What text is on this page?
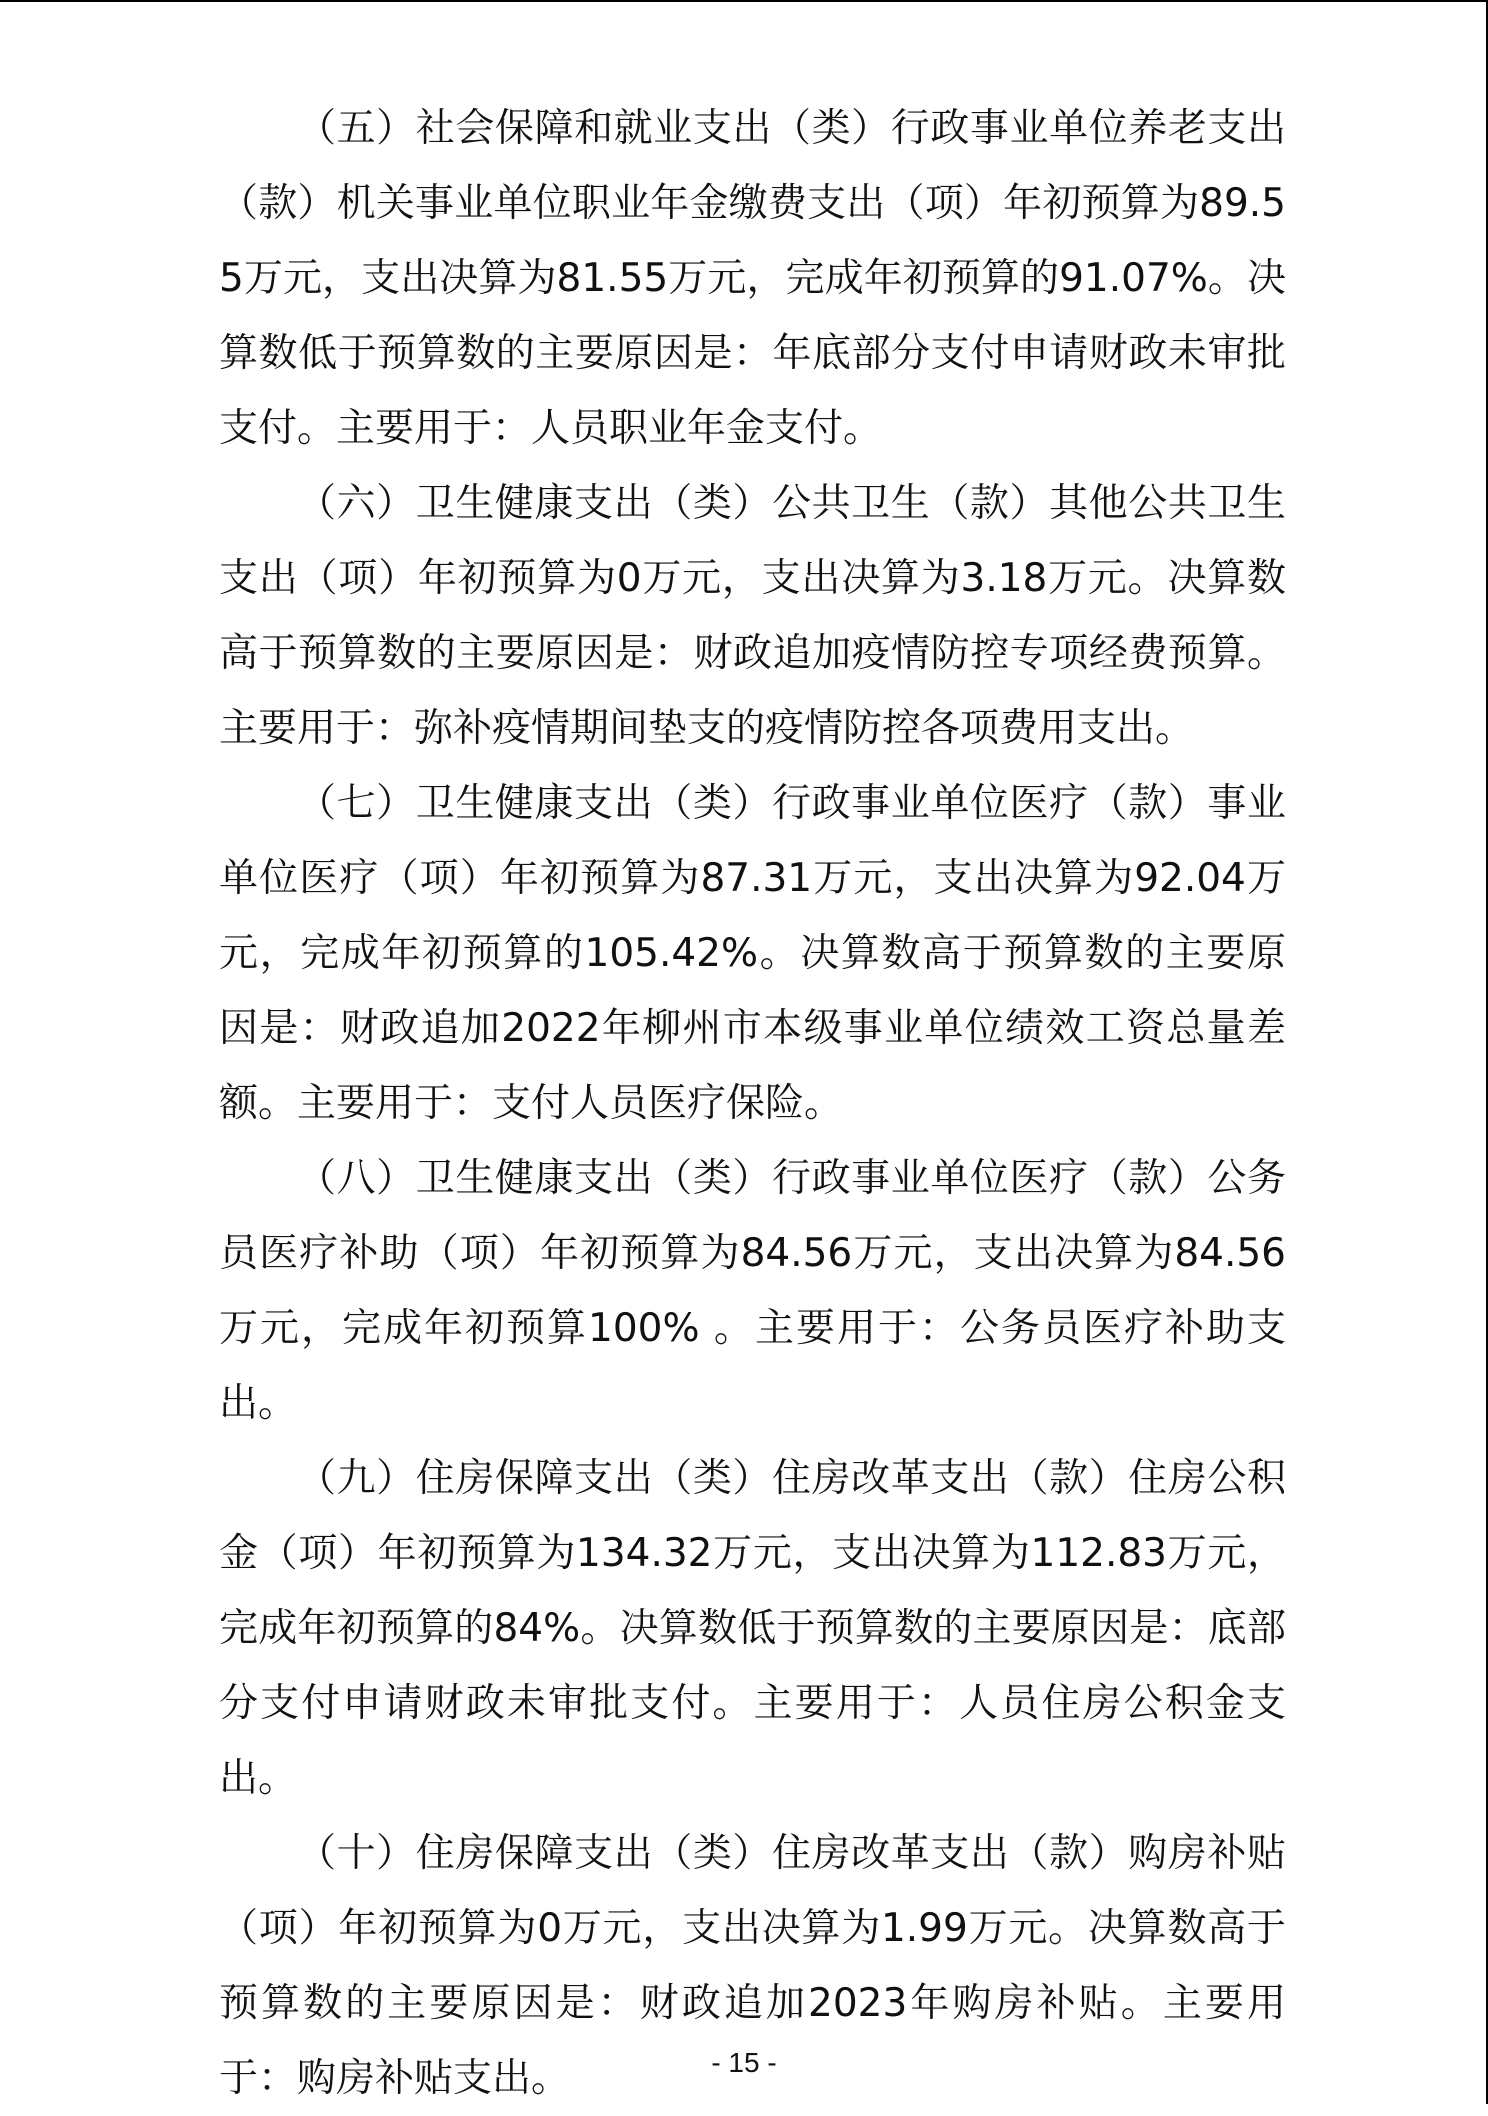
（五）社会保障和就业支出（类）行政事业单位养老支出（款）机关事业单位职业年金缴费支出（项）年初预算为89.55万元，支出决算为81.55万元，完成年初预算的91.07%。决算数低于预算数的主要原因是：年底部分支付申请财政未审批支付。主要用于：人员职业年金支付。

（六）卫生健康支出（类）公共卫生（款）其他公共卫生支出（项）年初预算为0万元，支出决算为3.18万元。决算数高于预算数的主要原因是：财政追加疫情防控专项经费预算。主要用于：弥补疫情期间垫支的疫情防控各项费用支出。

（七）卫生健康支出（类）行政事业单位医疗（款）事业单位医疗（项）年初预算为87.31万元，支出决算为92.04万元，完成年初预算的105.42%。决算数高于预算数的主要原因是：财政追加2022年柳州市本级事业单位绩效工资总量差额。主要用于：支付人员医疗保险。

（八）卫生健康支出（类）行政事业单位医疗（款）公务员医疗补助（项）年初预算为84.56万元，支出决算为84.56万元，完成年初预算100% 。主要用于：公务员医疗补助支出。

（九）住房保障支出（类）住房改革支出（款）住房公积金（项）年初预算为134.32万元，支出决算为112.83万元，完成年初预算的84%。决算数低于预算数的主要原因是：底部分支付申请财政未审批支付。主要用于：人员住房公积金支出。

（十）住房保障支出（类）住房改革支出（款）购房补贴（项）年初预算为0万元，支出决算为1.99万元。决算数高于预算数的主要原因是：财政追加2023年购房补贴。主要用于：购房补贴支出。	- 15 -
